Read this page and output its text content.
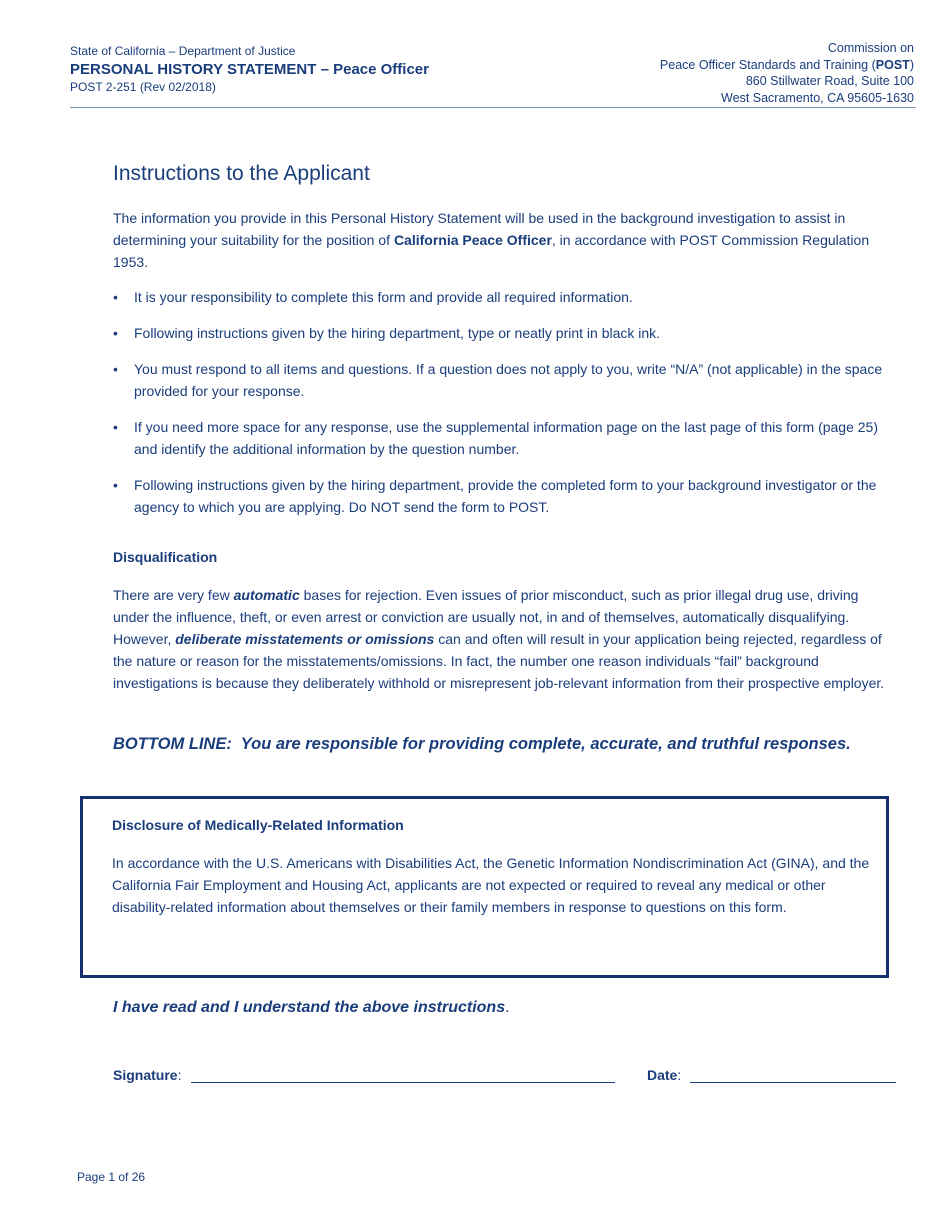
State of California – Department of Justice
PERSONAL HISTORY STATEMENT – Peace Officer
POST 2-251 (Rev 02/2018)
Commission on
Peace Officer Standards and Training (POST)
860 Stillwater Road, Suite 100
West Sacramento, CA 95605-1630
Instructions to the Applicant
The information you provide in this Personal History Statement will be used in the background investigation to assist in determining your suitability for the position of California Peace Officer, in accordance with POST Commission Regulation 1953.
• It is your responsibility to complete this form and provide all required information.
• Following instructions given by the hiring department, type or neatly print in black ink.
• You must respond to all items and questions. If a question does not apply to you, write “N/A” (not applicable) in the space provided for your response.
• If you need more space for any response, use the supplemental information page on the last page of this form (page 25) and identify the additional information by the question number.
• Following instructions given by the hiring department, provide the completed form to your background investigator or the agency to which you are applying. Do NOT send the form to POST.
Disqualification
There are very few automatic bases for rejection. Even issues of prior misconduct, such as prior illegal drug use, driving under the influence, theft, or even arrest or conviction are usually not, in and of themselves, automatically disqualifying. However, deliberate misstatements or omissions can and often will result in your application being rejected, regardless of the nature or reason for the misstatements/omissions. In fact, the number one reason individuals “fail” background investigations is because they deliberately withhold or misrepresent job-relevant information from their prospective employer.
BOTTOM LINE:  You are responsible for providing complete, accurate, and truthful responses.
Disclosure of Medically-Related Information
In accordance with the U.S. Americans with Disabilities Act, the Genetic Information Nondiscrimination Act (GINA), and the California Fair Employment and Housing Act, applicants are not expected or required to reveal any medical or other disability-related information about themselves or their family members in response to questions on this form.
I have read and I understand the above instructions.
Signature:	Date:
Page 1 of 26
